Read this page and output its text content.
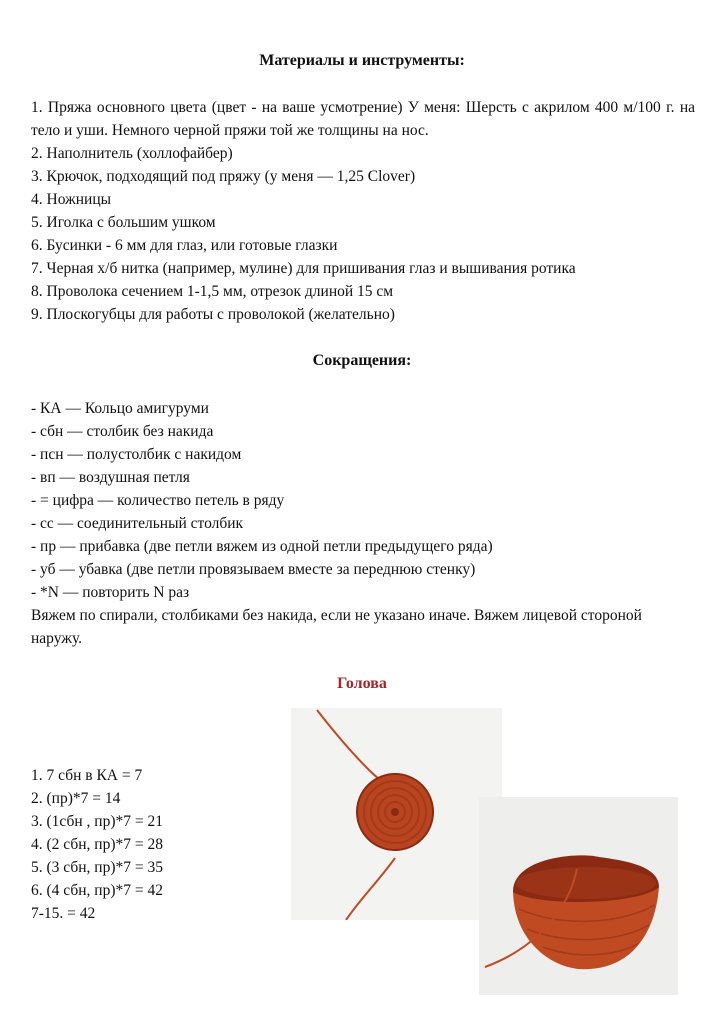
Материалы и инструменты:
1. Пряжа основного цвета (цвет - на ваше усмотрение) У меня: Шерсть с акрилом 400 м/100 г. на тело и уши. Немного черной пряжи той же толщины на нос.
2. Наполнитель (холлофайбер)
3. Крючок, подходящий под пряжу (у меня — 1,25 Clover)
4. Ножницы
5. Иголка с большим ушком
6. Бусинки - 6 мм для глаз, или готовые глазки
7. Черная х/б нитка (например, мулине) для пришивания глаз и вышивания ротика
8. Проволока сечением 1-1,5 мм, отрезок длиной 15 см
9. Плоскогубцы для работы с проволокой (желательно)
Сокращения:
- КА — Кольцо амигуруми
- сбн — столбик без накида
- псн — полустолбик с накидом
- вп — воздушная петля
- = цифра — количество петель в ряду
- сс — соединительный столбик
- пр — прибавка (две петли вяжем из одной петли предыдущего ряда)
- уб — убавка (две петли провязываем вместе за переднюю стенку)
- *N — повторить N раз
Вяжем по спирали, столбиками без накида, если не указано иначе. Вяжем лицевой стороной наружу.
Голова
1. 7 сбн в КА = 7
2. (пр)*7 = 14
3. (1сбн , пр)*7 = 21
4. (2 сбн, пр)*7 = 28
5. (3 сбн, пр)*7 = 35
6. (4 сбн, пр)*7 = 42
7-15. = 42
